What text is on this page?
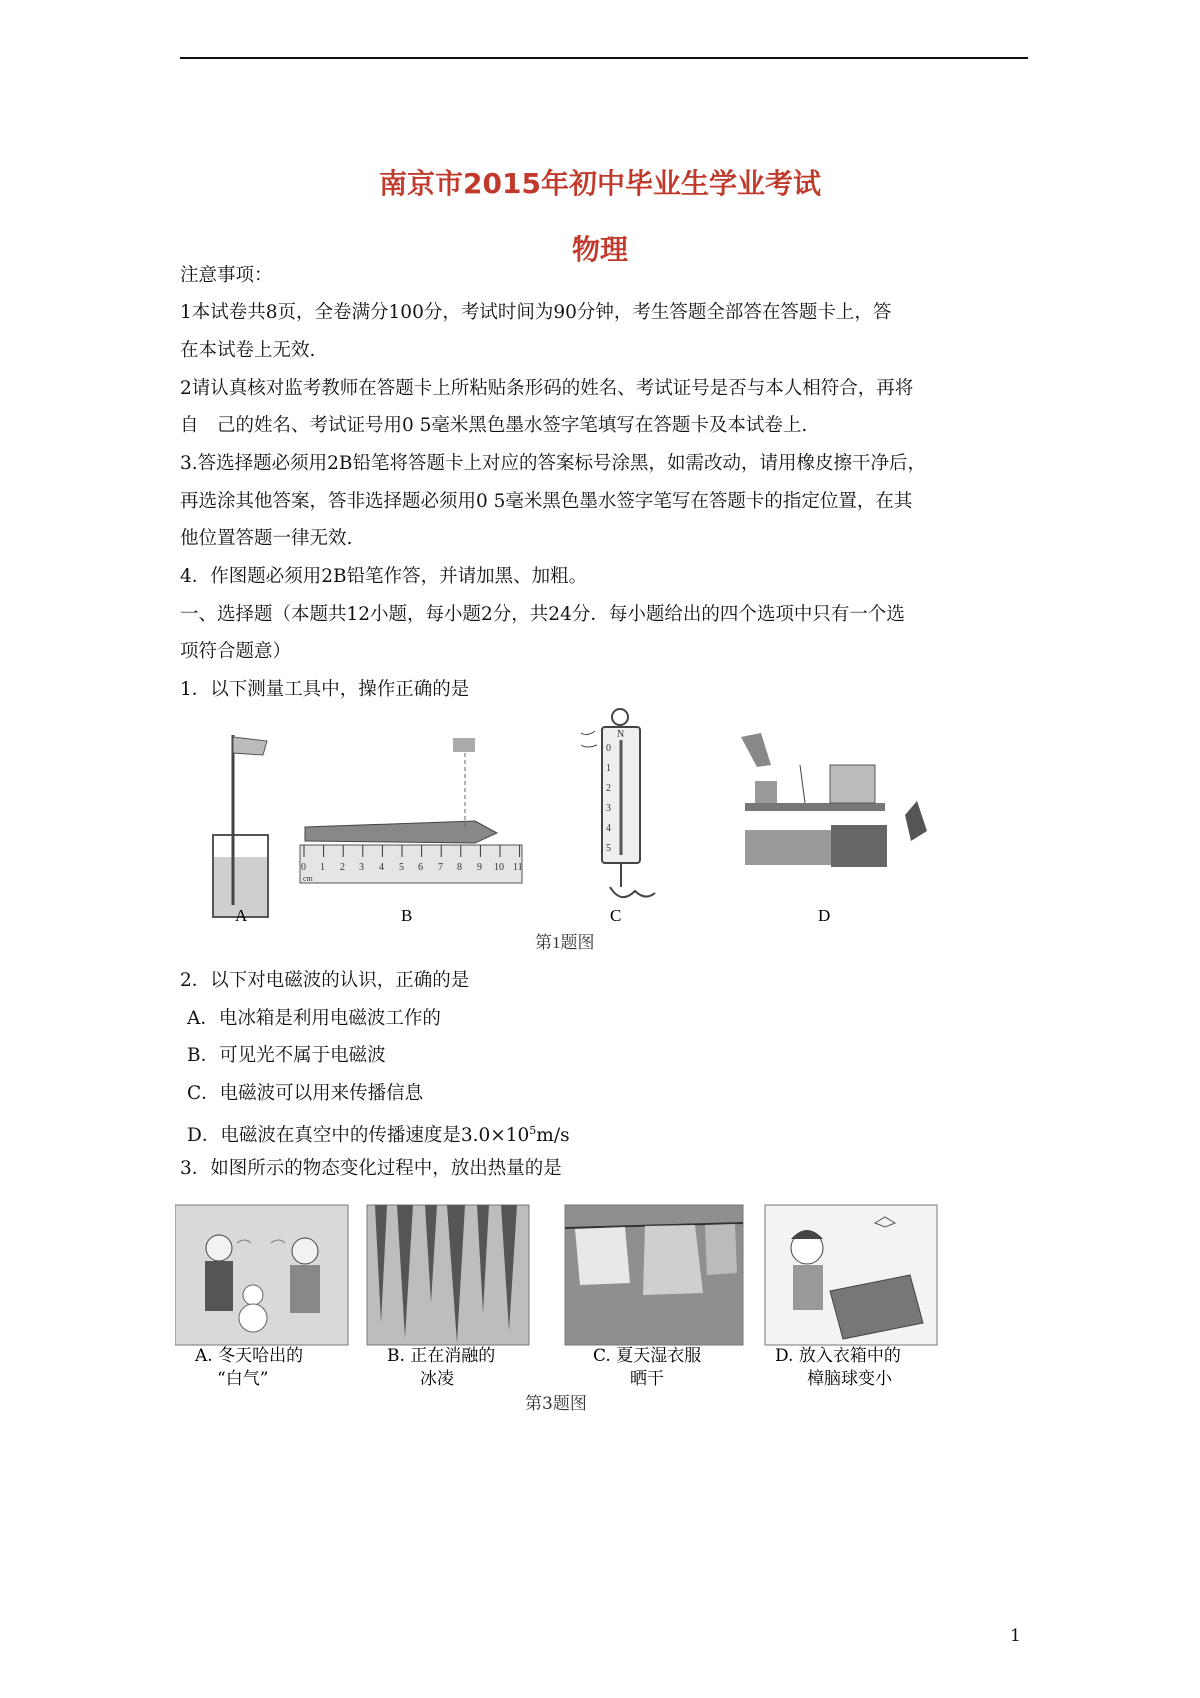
南京市2015年初中毕业生学业考试
物理
注意事项：
1本试卷共8页，全卷满分100分，考试时间为90分钟，考生答题全部答在答题卡上，答
在本试卷上无效.
2请认真核对监考教师在答题卡上所粘贴条形码的姓名、考试证号是否与本人相符合，再将
自　己的姓名、考试证号用0 5毫米黑色墨水签字笔填写在答题卡及本试卷上.
3.答选择题必须用2B铅笔将答题卡上对应的答案标号涂黑，如需改动，请用橡皮擦干净后，
再选涂其他答案，答非选择题必须用0 5毫米黑色墨水签字笔写在答题卡的指定位置，在其
他位置答题一律无效.
4．作图题必须用2B铅笔作答，并请加黑、加粗。
一、选择题（本题共12小题，每小题2分，共24分．每小题给出的四个选项中只有一个选
项符合题意）
1．以下测量工具中，操作正确的是
A
0 1 2 3 4 5 6 7 8 9 10 11
cm
B
N
0
1
2
3
4
5
C	D
第1题图
2．以下对电磁波的认识，正确的是
A．电冰箱是利用电磁波工作的
B．可见光不属于电磁波
C．电磁波可以用来传播信息
D．电磁波在真空中的传播速度是$3.0\times 10^5m/s$
3．如图所示的物态变化过程中，放出热量的是
A. 冬天哈出的
“白气”
B. 正在消融的
冰凌
C. 夏天湿衣服
晒干
D. 放入衣箱中的
樟脑球变小
第3题图
1
